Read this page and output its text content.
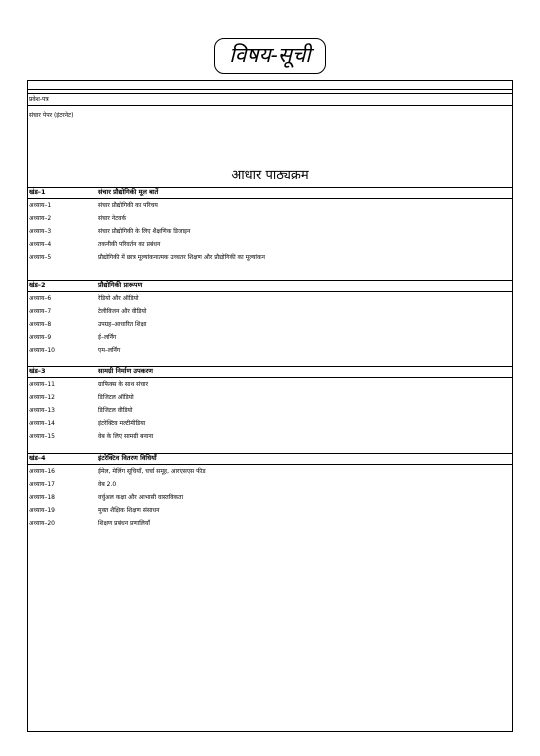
विषय-सूची
प्रवेश-पत्र
संचार पेपर (इंटरनेट)
आधार पाठ्यक्रम
खंड–1	संचार प्रौद्योगिकी मूल बातें
अध्याय–1	संचार प्रौद्योगिकी का परिचय
अध्याय–2	संचार नेटवर्क
अध्याय–3	संचार प्रौद्योगिकी के लिए शैक्षणिक डिजाइन
अध्याय–4	तकनीकी परिवर्तन का प्रबंधन
अध्याय–5	प्रौद्योगिकी में छात्र मूल्यांकनात्मक उच्चतर शिक्षण और प्रौद्योगिकी का मूल्यांकन
खंड–2	प्रौद्योगिकी प्रारूपण
अध्याय–6	रेडियो और ऑडियो
अध्याय–7	टेलीविजन और वीडियो
अध्याय–8	उपग्रह–आधारित शिक्षा
अध्याय–9	ई–लर्निंग
अध्याय–10	एम–लर्निंग
खंड–3	सामग्री निर्माण उपकरण
अध्याय–11	ग्राफिक्स के साथ संचार
अध्याय–12	डिजिटल ऑडियो
अध्याय–13	डिजिटल वीडियो
अध्याय–14	इंटरेक्टिव मल्टीमीडिया
अध्याय–15	वेब के लिए सामग्री बनाना
खंड–4	इंटरेक्टिव वितरण विधियाँ
अध्याय–16	ईमेल, मेलिंग सूचियाँ, चर्चा समूह, आरएसएस फीड
अध्याय–17	वेब 2.0
अध्याय–18	वर्चुअल कक्षा और आभासी वास्तविकता
अध्याय–19	मुक्त शैक्षिक शिक्षण संसाधन
अध्याय–20	शिक्षण प्रबंधन प्रणालियाँ
